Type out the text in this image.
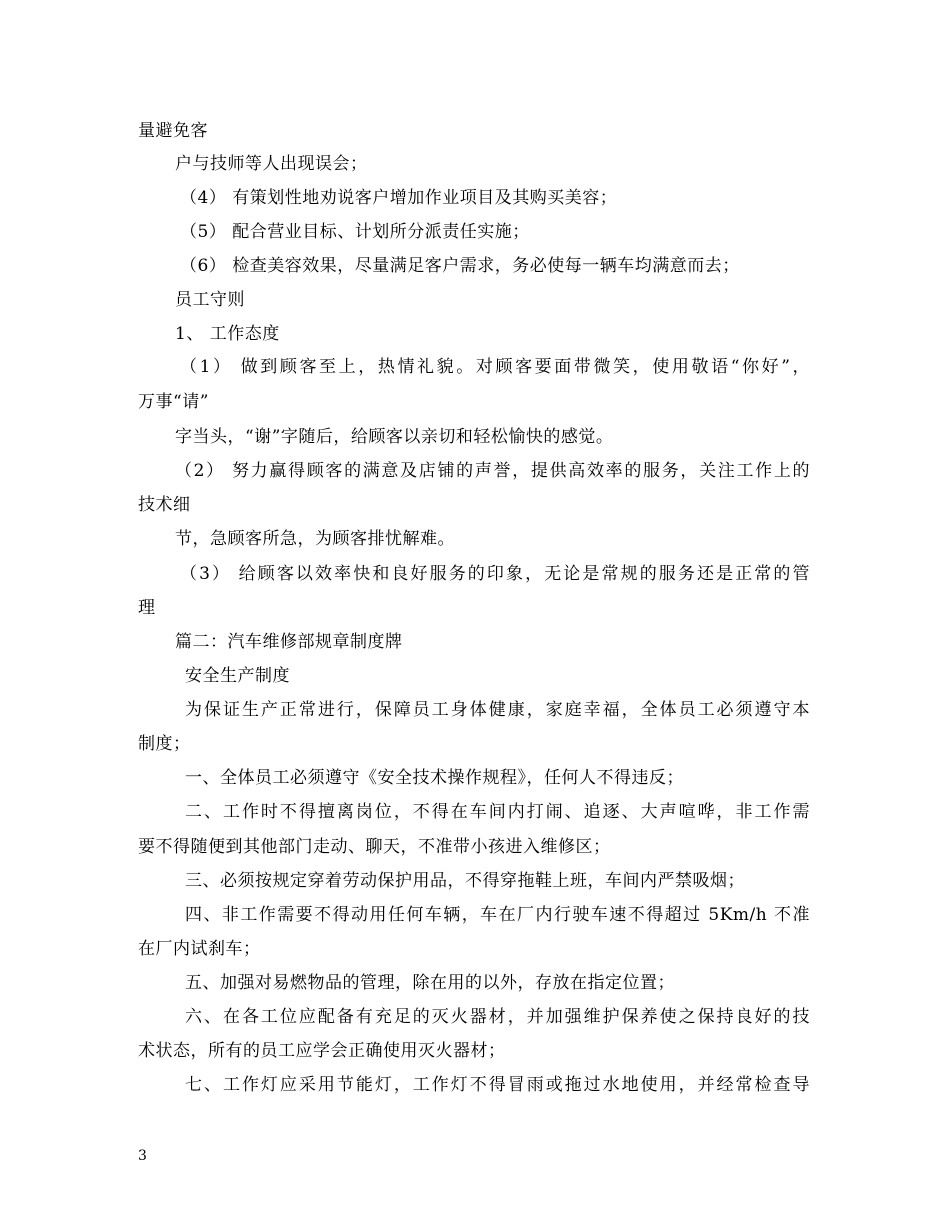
量避免客
户与技师等人出现误会；
（4） 有策划性地劝说客户增加作业项目及其购买美容；
（5） 配合营业目标、计划所分派责任实施；
（6） 检查美容效果，尽量满足客户需求，务必使每一辆车均满意而去；
员工守则
1、 工作态度
（1） 做到顾客至上，热情礼貌。对顾客要面带微笑，使用敬语“你好”，
万事“请”
字当头，“谢”字随后，给顾客以亲切和轻松愉快的感觉。
（2） 努力赢得顾客的满意及店铺的声誉，提供高效率的服务，关注工作上的
技术细
节，急顾客所急，为顾客排忧解难。
（3） 给顾客以效率快和良好服务的印象，无论是常规的服务还是正常的管
理
篇二：汽车维修部规章制度牌
安全生产制度
为保证生产正常进行，保障员工身体健康，家庭幸福，全体员工必须遵守本
制度；
一、全体员工必须遵守《安全技术操作规程》，任何人不得违反；
二、工作时不得擅离岗位，不得在车间内打闹、追逐、大声喧哗，非工作需
要不得随便到其他部门走动、聊天，不准带小孩进入维修区；
三、必须按规定穿着劳动保护用品，不得穿拖鞋上班，车间内严禁吸烟；
四、非工作需要不得动用任何车辆，车在厂内行驶车速不得超过 5Km/h 不准
在厂内试刹车；
五、加强对易燃物品的管理，除在用的以外，存放在指定位置；
六、在各工位应配备有充足的灭火器材，并加强维护保养使之保持良好的技
术状态，所有的员工应学会正确使用灭火器材；
七、工作灯应采用节能灯，工作灯不得冒雨或拖过水地使用，并经常检查导
3
